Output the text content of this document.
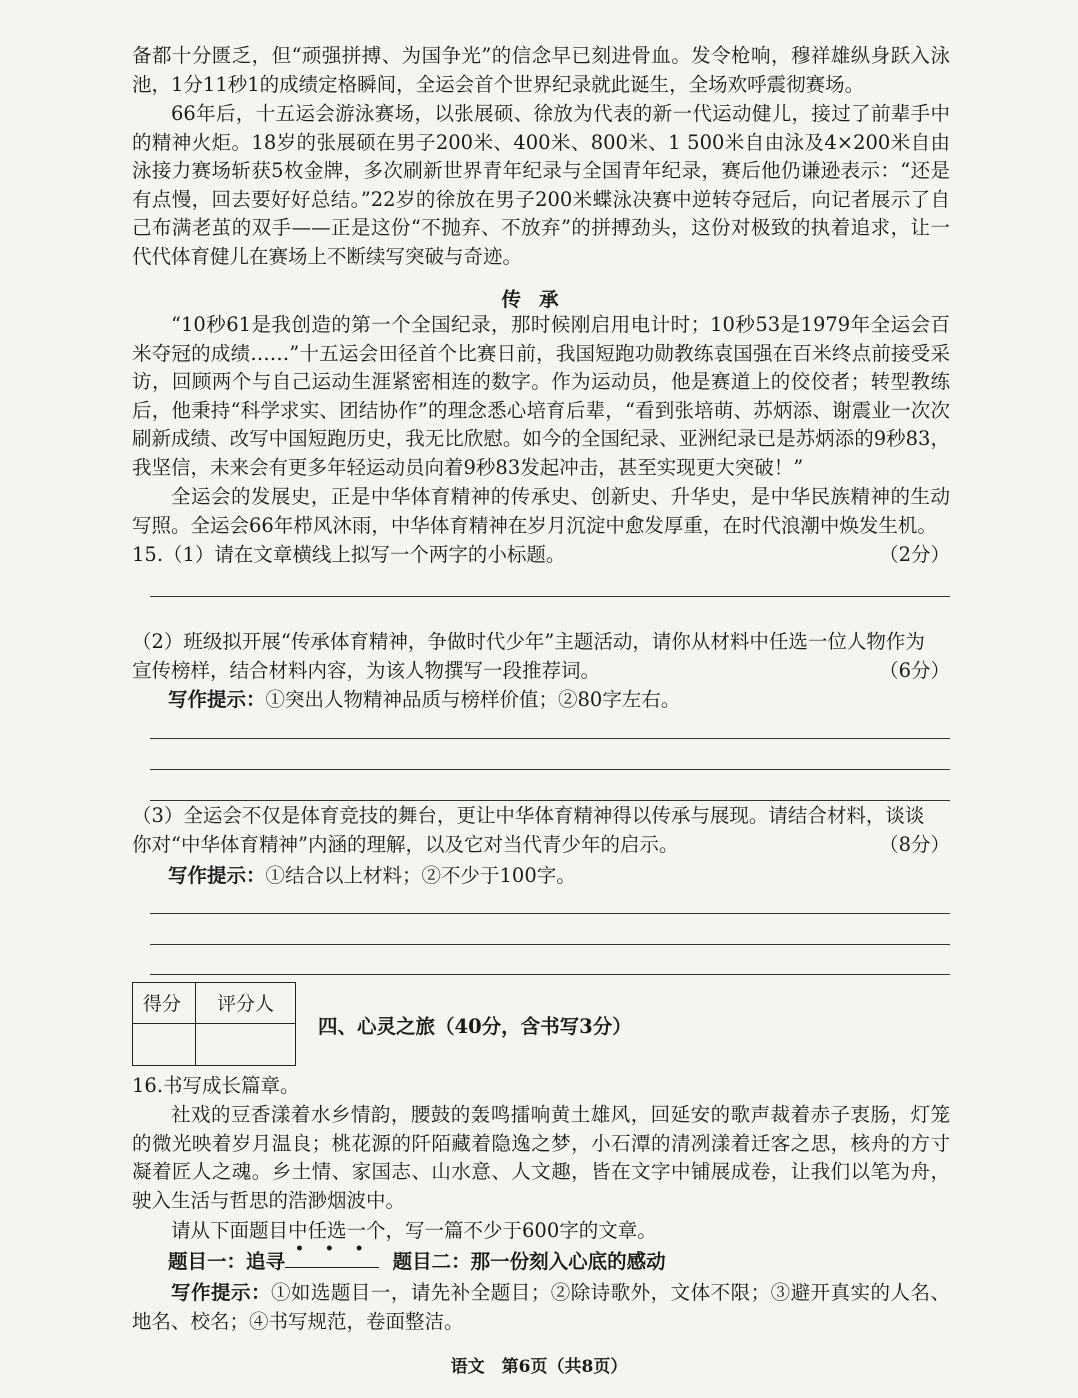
备都十分匮乏，但“顽强拼搏、为国争光”的信念早已刻进骨血。发令枪响，穆祥雄纵身跃入泳池，1分11秒1的成绩定格瞬间，全运会首个世界纪录就此诞生，全场欢呼震彻赛场。
66年后，十五运会游泳赛场，以张展硕、徐放为代表的新一代运动健儿，接过了前辈手中的精神火炬。18岁的张展硕在男子200米、400米、800米、1 500米自由泳及4×200米自由泳接力赛场斩获5枚金牌，多次刷新世界青年纪录与全国青年纪录，赛后他仍谦逊表示：“还是有点慢，回去要好好总结。”22岁的徐放在男子200米蝶泳决赛中逆转夺冠后，向记者展示了自己布满老茧的双手——正是这份“不抛弃、不放弃”的拼搏劲头，这份对极致的执着追求，让一代代体育健儿在赛场上不断续写突破与奇迹。
传承
“10秒61是我创造的第一个全国纪录，那时候刚启用电计时；10秒53是1979年全运会百米夺冠的成绩……”十五运会田径首个比赛日前，我国短跑功勋教练袁国强在百米终点前接受采访，回顾两个与自己运动生涯紧密相连的数字。作为运动员，他是赛道上的佼佼者；转型教练后，他秉持“科学求实、团结协作”的理念悉心培育后辈，“看到张培萌、苏炳添、谢震业一次次刷新成绩、改写中国短跑历史，我无比欣慰。如今的全国纪录、亚洲纪录已是苏炳添的9秒83，我坚信，未来会有更多年轻运动员向着9秒83发起冲击，甚至实现更大突破！”
全运会的发展史，正是中华体育精神的传承史、创新史、升华史，是中华民族精神的生动写照。全运会66年栉风沐雨，中华体育精神在岁月沉淀中愈发厚重，在时代浪潮中焕发生机。
15.（1）请在文章横线上拟写一个两字的小标题。	（2分）
（2）班级拟开展“传承体育精神，争做时代少年”主题活动，请你从材料中任选一位人物作为
宣传榜样，结合材料内容，为该人物撰写一段推荐词。	（6分）
写作提示：①突出人物精神品质与榜样价值；②80字左右。
（3）全运会不仅是体育竞技的舞台，更让中华体育精神得以传承与展现。请结合材料，谈谈
你对“中华体育精神”内涵的理解，以及它对当代青少年的启示。	（8分）
写作提示：①结合以上材料；②不少于100字。
得分 评分人
四、心灵之旅（40分，含书写3分）
16.书写成长篇章。
社戏的豆香漾着水乡情韵，腰鼓的轰鸣擂响黄土雄风，回延安的歌声裁着赤子衷肠，灯笼的微光映着岁月温良；桃花源的阡陌藏着隐逸之梦，小石潭的清冽漾着迁客之思，核舟的方寸凝着匠人之魂。乡土情、家国志、山水意、人文趣，皆在文字中铺展成卷，让我们以笔为舟，驶入生活与哲思的浩渺烟波中。
请从下面题目中任选一个，写一篇不少于600字的文章。
题目一：追寻
• • •
题目二：那一份刻入心底的感动
写作提示：①如选题目一，请先补全题目；②除诗歌外，文体不限；③避开真实的人名、地名、校名；④书写规范，卷面整洁。
语文　第6页（共8页）
